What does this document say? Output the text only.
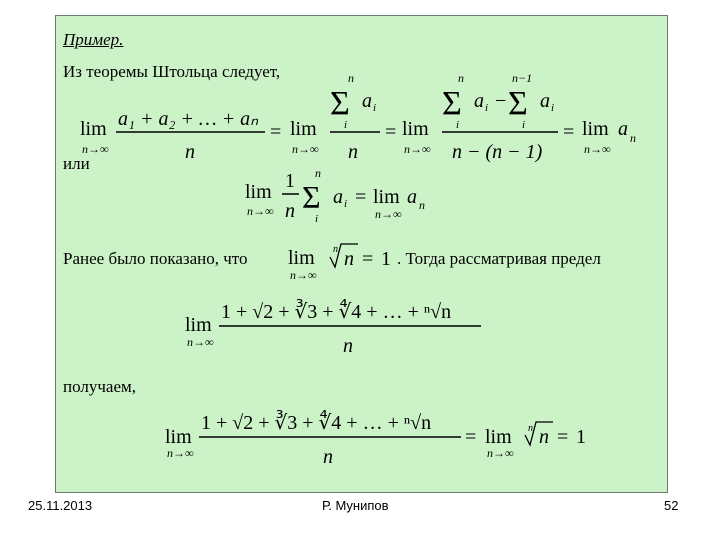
Пример.
Из теоремы Штольца следует,
или
Ранее было показано, что	. Тогда рассматривая предел
получаем,
lim
n→∞
a₁ + a₂ + … + aₙ
n
= lim
n→∞
n
Σ
i
a i
n
= lim
n→∞
n
Σ
i
a i −
n−1
Σ
i
a i
n − (n − 1)
= lim
n→∞
a n
lim
n→∞
1
n
n
Σ
i
a i = lim
n→∞
a n
lim
n→∞
n n = 1
lim
n→∞
1 + √2 + ∛3 + ∜4 + … + ⁿ√n
n
lim
n→∞
1 + √2 + ∛3 + ∜4 + … + ⁿ√n
n
= lim
n→∞
n n = 1
25.11.2013	Р. Мунипов	52
